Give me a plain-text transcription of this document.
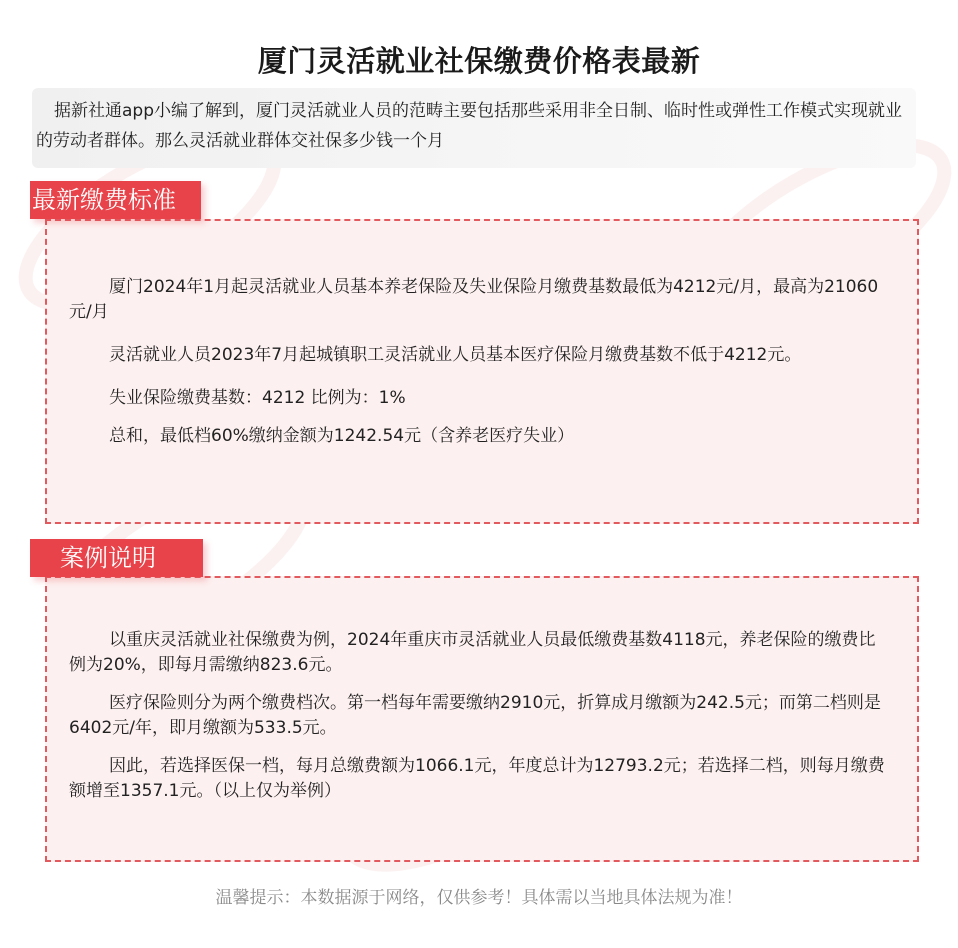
厦门灵活就业社保缴费价格表最新

据新社通app小编了解到，厦门灵活就业人员的范畴主要包括那些采用非全日制、临时性或弹性工作模式实现就业的劳动者群体。那么灵活就业群体交社保多少钱一个月

最新缴费标准

厦门2024年1月起灵活就业人员基本养老保险及失业保险月缴费基数最低为4212元/月，最高为21060元/月

灵活就业人员2023年7月起城镇职工灵活就业人员基本医疗保险月缴费基数不低于4212元。

失业保险缴费基数：4212 比例为：1%

总和，最低档60%缴纳金额为1242.54元（含养老医疗失业）

案例说明

以重庆灵活就业社保缴费为例，2024年重庆市灵活就业人员最低缴费基数4118元，养老保险的缴费比例为20%，即每月需缴纳823.6元。

医疗保险则分为两个缴费档次。第一档每年需要缴纳2910元，折算成月缴额为242.5元；而第二档则是6402元/年，即月缴额为533.5元。

因此，若选择医保一档，每月总缴费额为1066.1元，年度总计为12793.2元；若选择二档，则每月缴费额增至1357.1元。（以上仅为举例）

温馨提示：本数据源于网络，仅供参考！具体需以当地具体法规为准！
